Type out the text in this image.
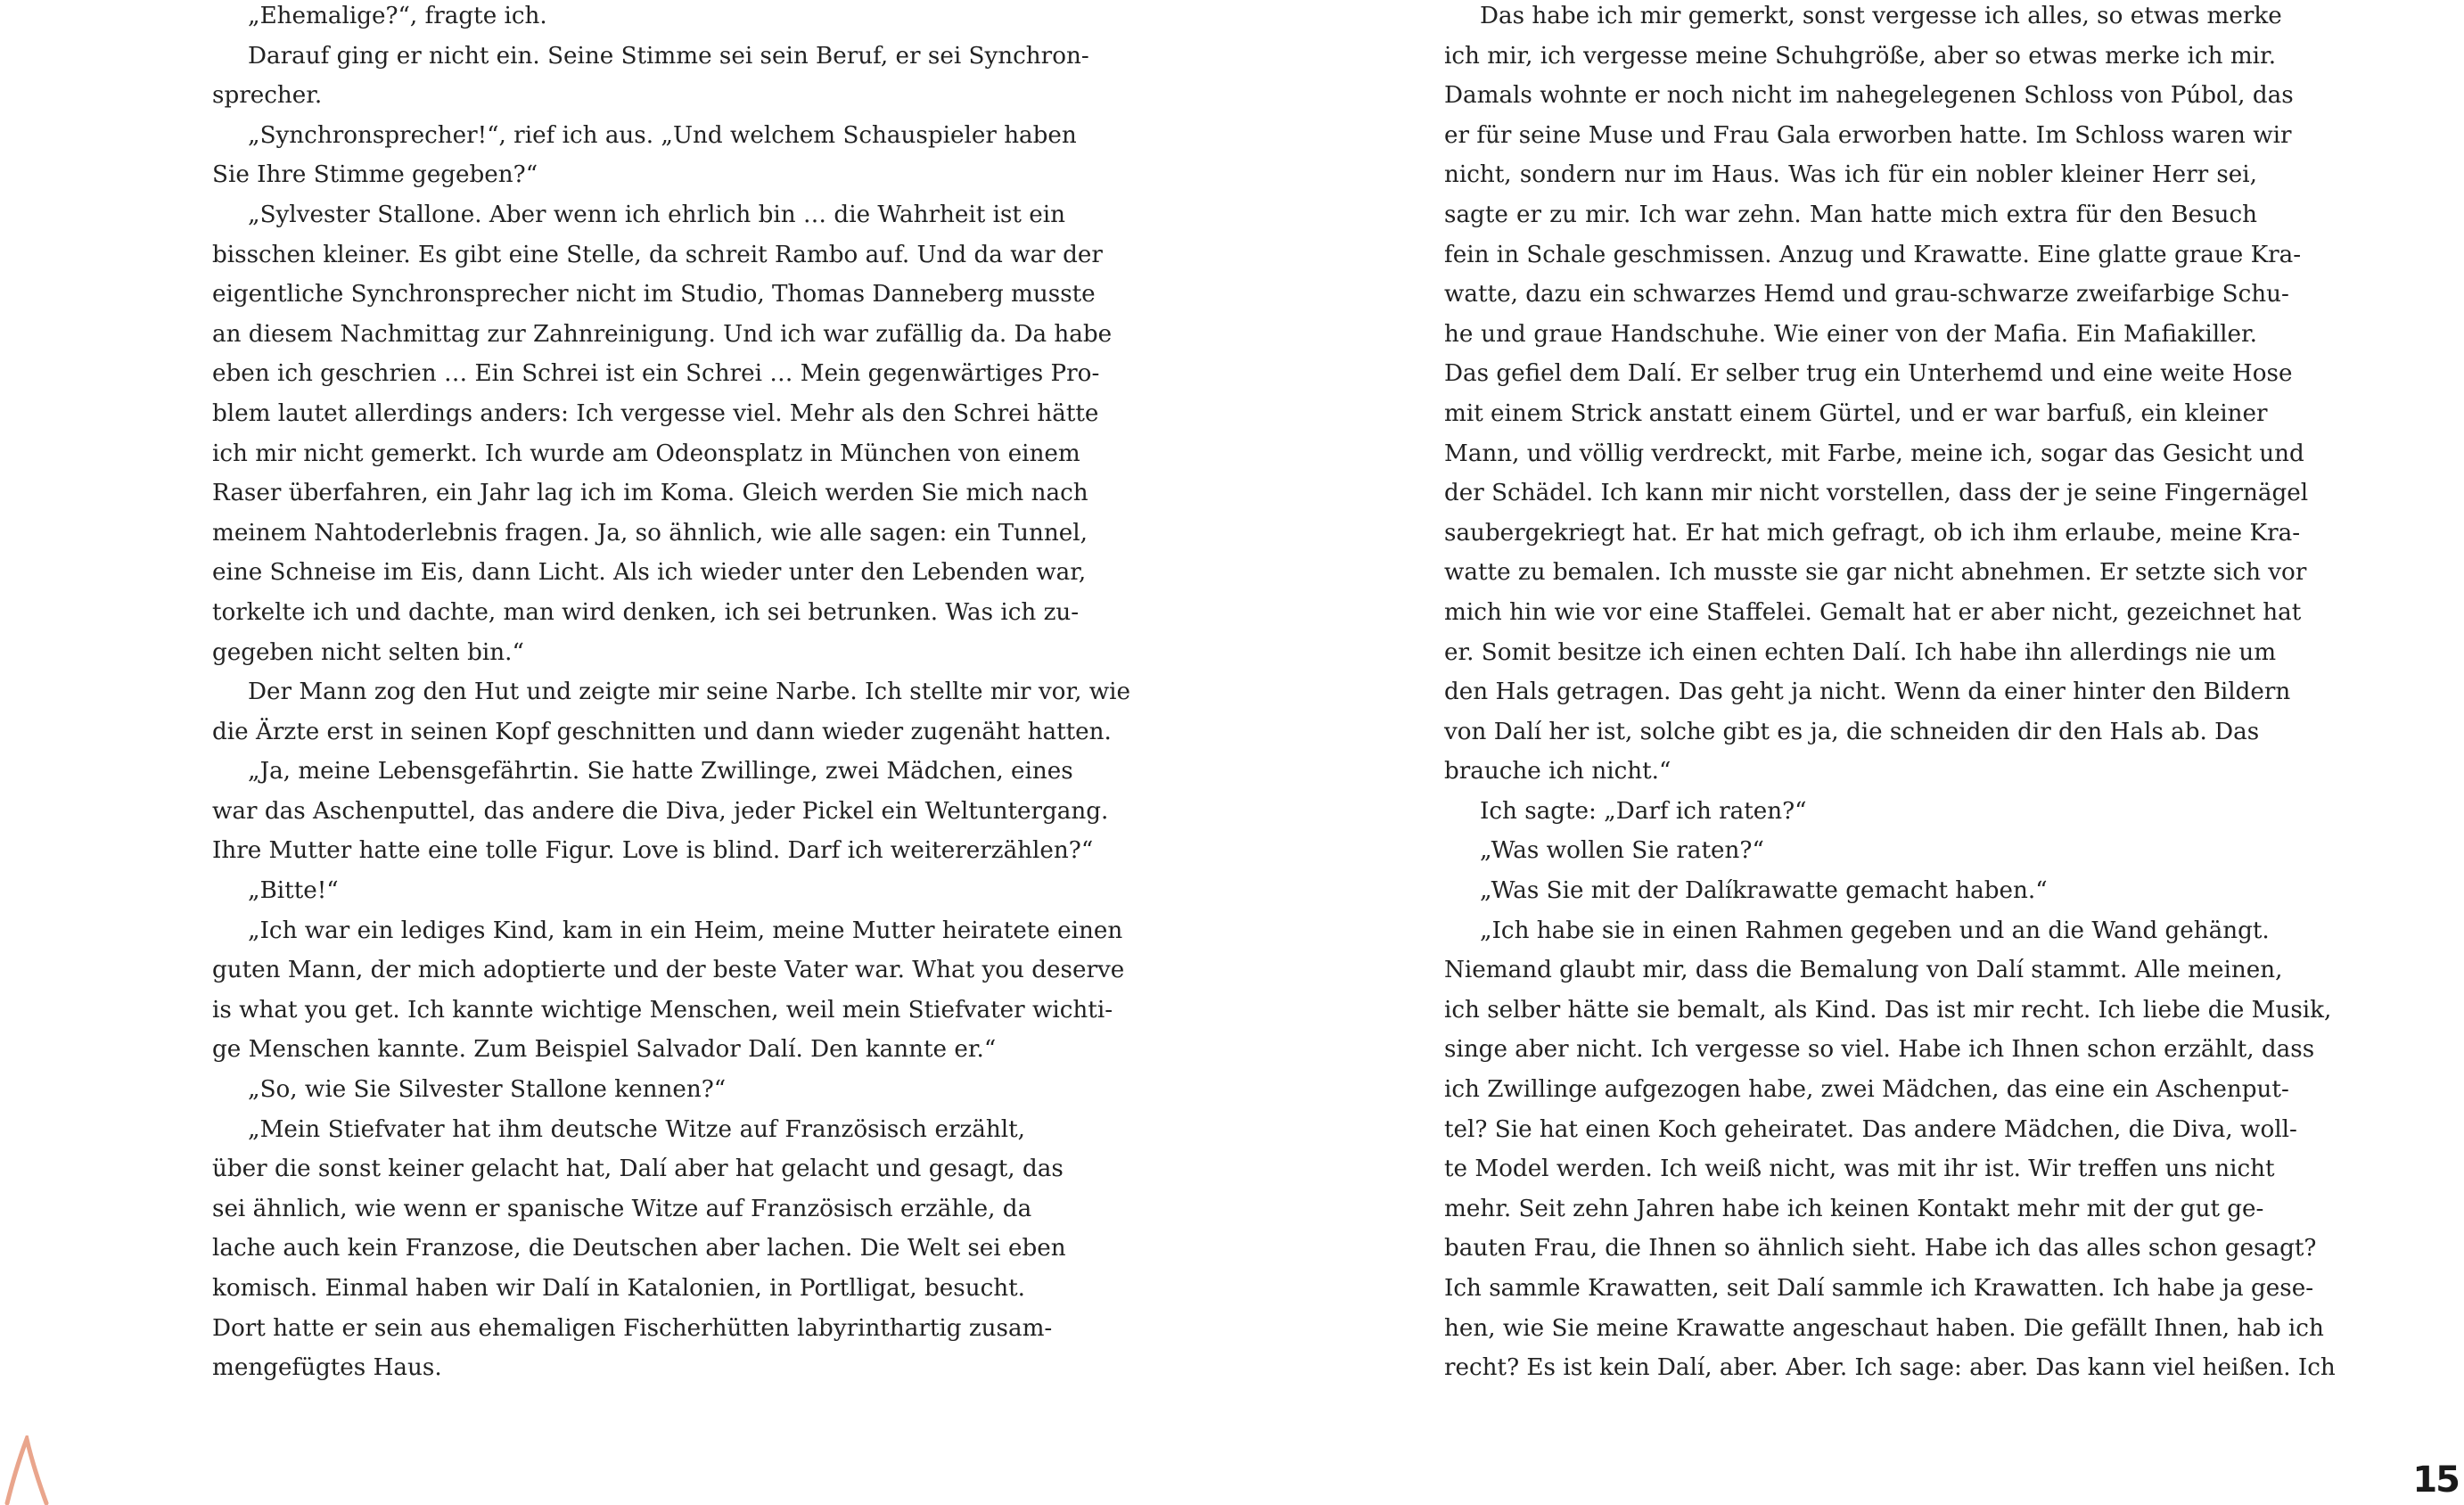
„Ehemalige?“, fragte ich.
Darauf ging er nicht ein. Seine Stimme sei sein Beruf, er sei Synchron-
sprecher.
„Synchronsprecher!“, rief ich aus. „Und welchem Schauspieler haben
Sie Ihre Stimme gegeben?“
„Sylvester Stallone. Aber wenn ich ehrlich bin … die Wahrheit ist ein
bisschen kleiner. Es gibt eine Stelle, da schreit Rambo auf. Und da war der
eigentliche Synchronsprecher nicht im Studio, Thomas Danneberg musste
an diesem Nachmittag zur Zahnreinigung. Und ich war zufällig da. Da habe
eben ich geschrien … Ein Schrei ist ein Schrei … Mein gegenwärtiges Pro-
blem lautet allerdings anders: Ich vergesse viel. Mehr als den Schrei hätte
ich mir nicht gemerkt. Ich wurde am Odeonsplatz in München von einem
Raser überfahren, ein Jahr lag ich im Koma. Gleich werden Sie mich nach
meinem Nahtoderlebnis fragen. Ja, so ähnlich, wie alle sagen: ein Tunnel,
eine Schneise im Eis, dann Licht. Als ich wieder unter den Lebenden war,
torkelte ich und dachte, man wird denken, ich sei betrunken. Was ich zu-
gegeben nicht selten bin.“
Der Mann zog den Hut und zeigte mir seine Narbe. Ich stellte mir vor, wie
die Ärzte erst in seinen Kopf geschnitten und dann wieder zugenäht hatten.
„Ja, meine Lebensgefährtin. Sie hatte Zwillinge, zwei Mädchen, eines
war das Aschenputtel, das andere die Diva, jeder Pickel ein Weltuntergang.
Ihre Mutter hatte eine tolle Figur. Love is blind. Darf ich weitererzählen?“
„Bitte!“
„Ich war ein lediges Kind, kam in ein Heim, meine Mutter heiratete einen
guten Mann, der mich adoptierte und der beste Vater war. What you deserve
is what you get. Ich kannte wichtige Menschen, weil mein Stiefvater wichti-
ge Menschen kannte. Zum Beispiel Salvador Dalí. Den kannte er.“
„So, wie Sie Silvester Stallone kennen?“
„Mein Stiefvater hat ihm deutsche Witze auf Französisch erzählt,
über die sonst keiner gelacht hat, Dalí aber hat gelacht und gesagt, das
sei ähnlich, wie wenn er spanische Witze auf Französisch erzähle, da
lache auch kein Franzose, die Deutschen aber lachen. Die Welt sei eben
komisch. Einmal haben wir Dalí in Katalonien, in Portlligat, besucht.
Dort hatte er sein aus ehemaligen Fischerhütten labyrinthartig zusam-
mengefügtes Haus.
Das habe ich mir gemerkt, sonst vergesse ich alles, so etwas merke
ich mir, ich vergesse meine Schuhgröße, aber so etwas merke ich mir.
Damals wohnte er noch nicht im nahegelegenen Schloss von Púbol, das
er für seine Muse und Frau Gala erworben hatte. Im Schloss waren wir
nicht, sondern nur im Haus. Was ich für ein nobler kleiner Herr sei,
sagte er zu mir. Ich war zehn. Man hatte mich extra für den Besuch
fein in Schale geschmissen. Anzug und Krawatte. Eine glatte graue Kra-
watte, dazu ein schwarzes Hemd und grau-schwarze zweifarbige Schu-
he und graue Handschuhe. Wie einer von der Mafia. Ein Mafiakiller.
Das gefiel dem Dalí. Er selber trug ein Unterhemd und eine weite Hose
mit einem Strick anstatt einem Gürtel, und er war barfuß, ein kleiner
Mann, und völlig verdreckt, mit Farbe, meine ich, sogar das Gesicht und
der Schädel. Ich kann mir nicht vorstellen, dass der je seine Fingernägel
saubergekriegt hat. Er hat mich gefragt, ob ich ihm erlaube, meine Kra-
watte zu bemalen. Ich musste sie gar nicht abnehmen. Er setzte sich vor
mich hin wie vor eine Staffelei. Gemalt hat er aber nicht, gezeichnet hat
er. Somit besitze ich einen echten Dalí. Ich habe ihn allerdings nie um
den Hals getragen. Das geht ja nicht. Wenn da einer hinter den Bildern
von Dalí her ist, solche gibt es ja, die schneiden dir den Hals ab. Das
brauche ich nicht.“
Ich sagte: „Darf ich raten?“
„Was wollen Sie raten?“
„Was Sie mit der Dalíkrawatte gemacht haben.“
„Ich habe sie in einen Rahmen gegeben und an die Wand gehängt.
Niemand glaubt mir, dass die Bemalung von Dalí stammt. Alle meinen,
ich selber hätte sie bemalt, als Kind. Das ist mir recht. Ich liebe die Musik,
singe aber nicht. Ich vergesse so viel. Habe ich Ihnen schon erzählt, dass
ich Zwillinge aufgezogen habe, zwei Mädchen, das eine ein Aschenput-
tel? Sie hat einen Koch geheiratet. Das andere Mädchen, die Diva, woll-
te Model werden. Ich weiß nicht, was mit ihr ist. Wir treffen uns nicht
mehr. Seit zehn Jahren habe ich keinen Kontakt mehr mit der gut ge-
bauten Frau, die Ihnen so ähnlich sieht. Habe ich das alles schon gesagt?
Ich sammle Krawatten, seit Dalí sammle ich Krawatten. Ich habe ja gese-
hen, wie Sie meine Krawatte angeschaut haben. Die gefällt Ihnen, hab ich
recht? Es ist kein Dalí, aber. Aber. Ich sage: aber. Das kann viel heißen. Ich
15
